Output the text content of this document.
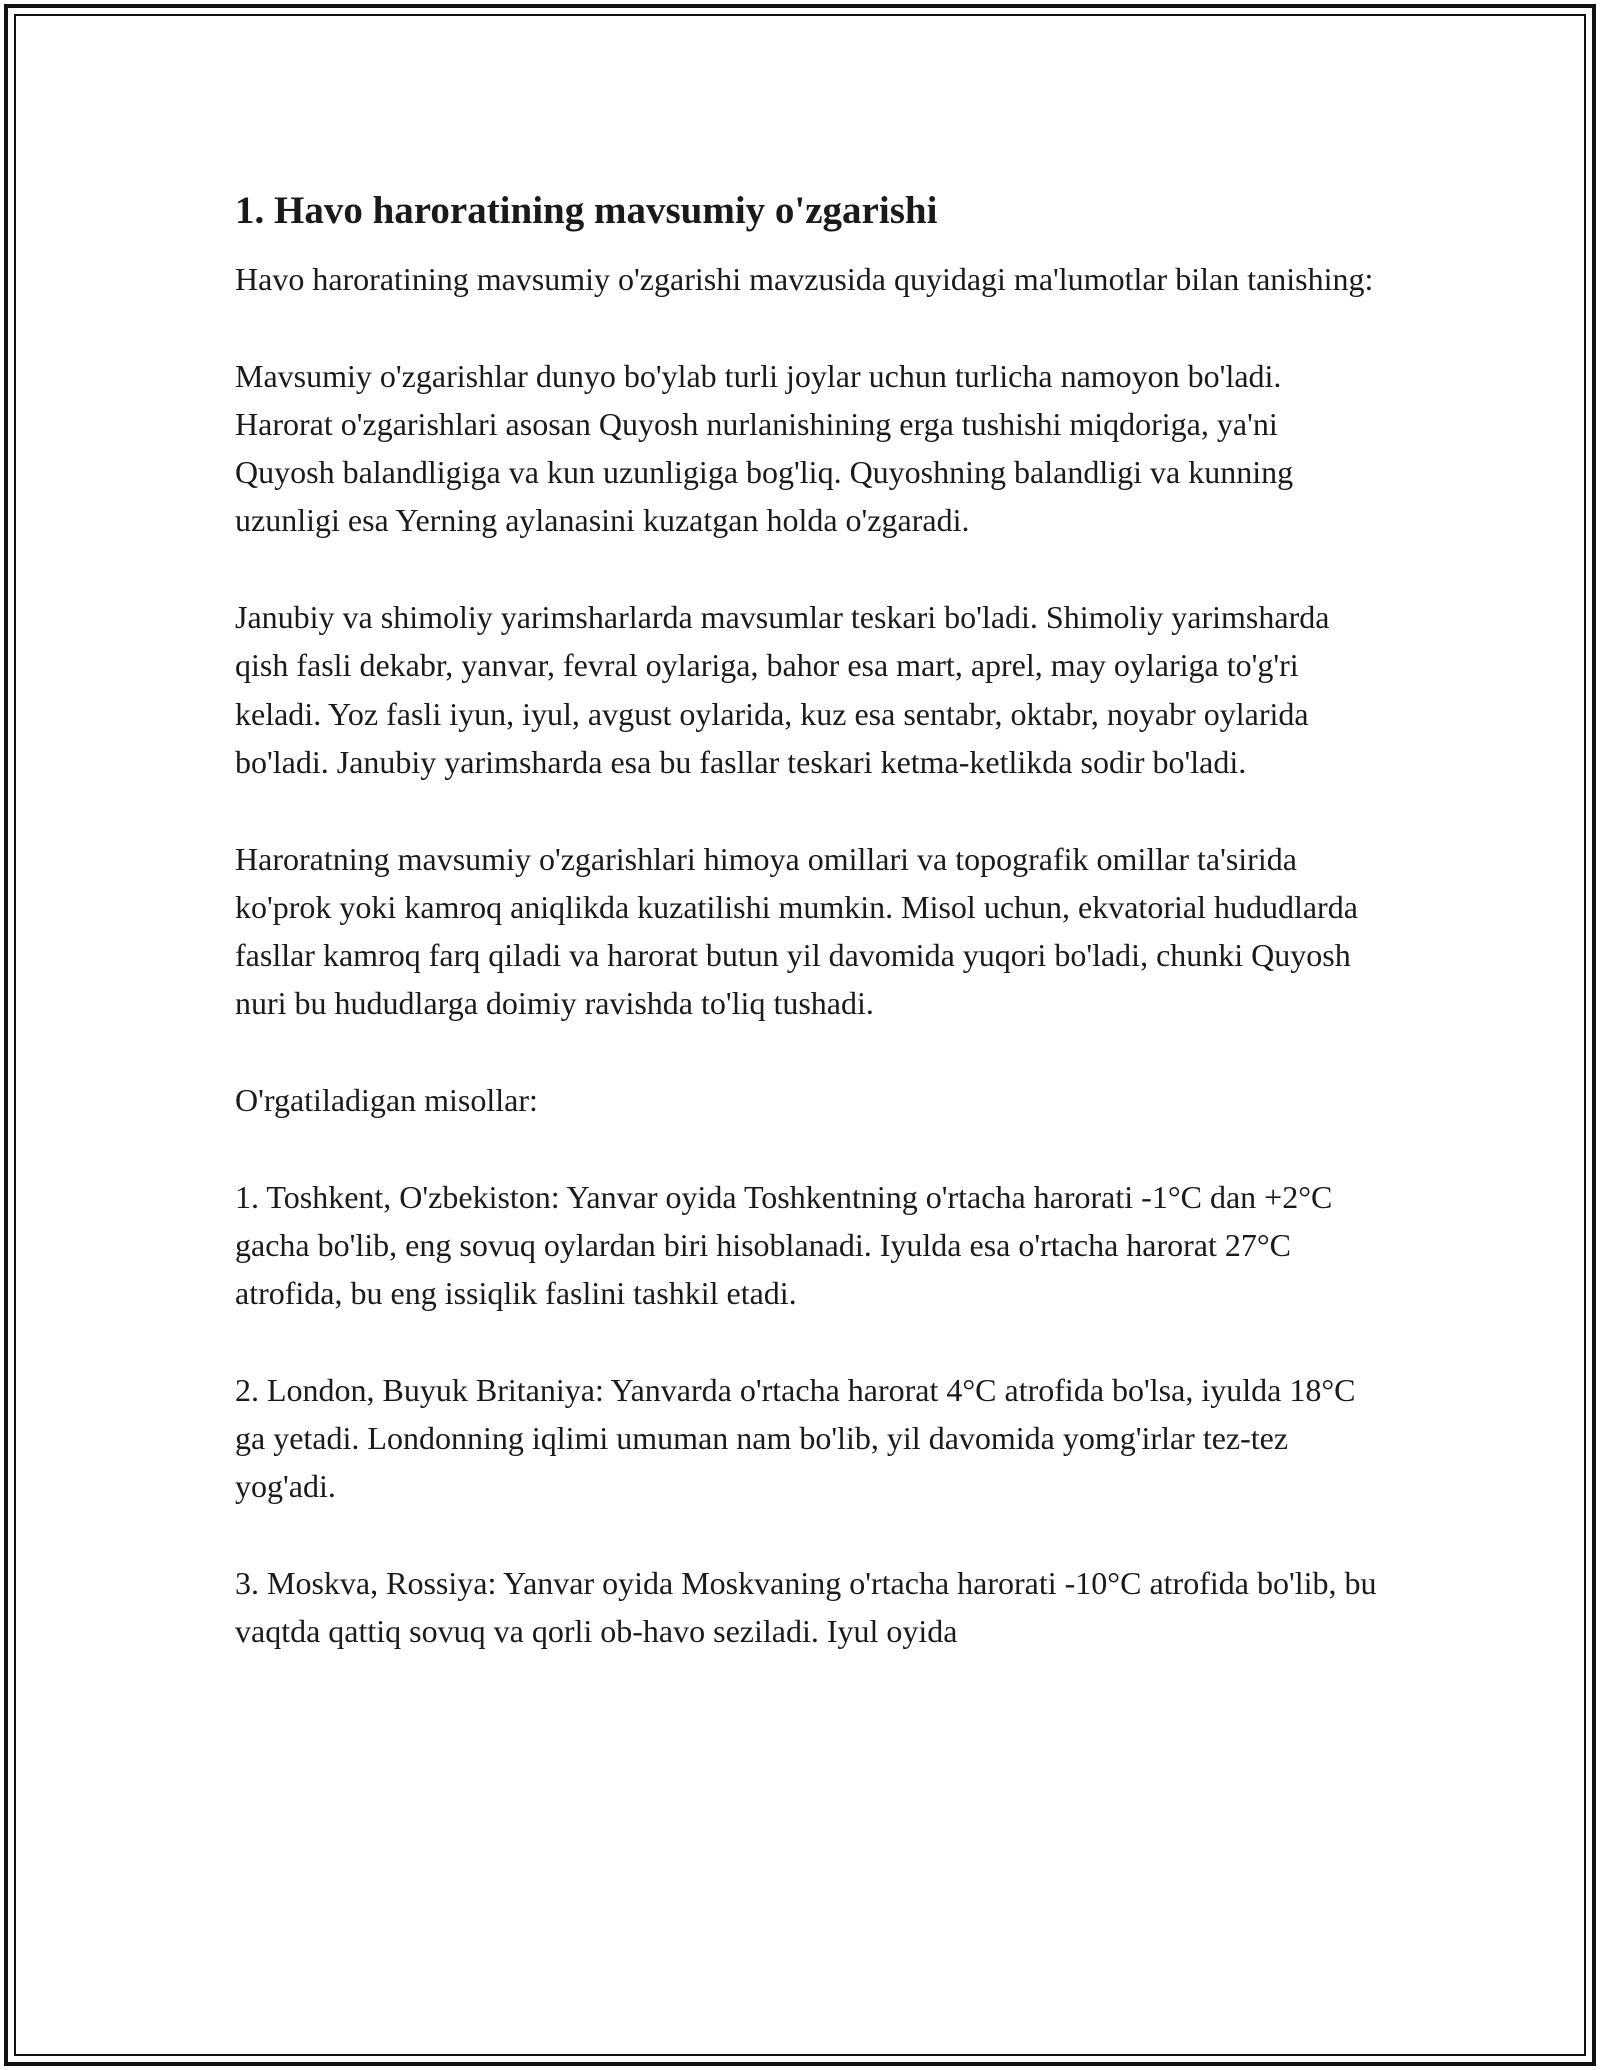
1. Havo haroratining mavsumiy o'zgarishi

Havo haroratining mavsumiy o'zgarishi mavzusida quyidagi ma'lumotlar bilan tanishing:

Mavsumiy o'zgarishlar dunyo bo'ylab turli joylar uchun turlicha namoyon bo'ladi. Harorat o'zgarishlari asosan Quyosh nurlanishining erga tushishi miqdoriga, ya'ni Quyosh balandligiga va kun uzunligiga bog'liq. Quyoshning balandligi va kunning uzunligi esa Yerning aylanasini kuzatgan holda o'zgaradi.

Janubiy va shimoliy yarimsharlarda mavsumlar teskari bo'ladi. Shimoliy yarimsharda qish fasli dekabr, yanvar, fevral oylariga, bahor esa mart, aprel, may oylariga to'g'ri keladi. Yoz fasli iyun, iyul, avgust oylarida, kuz esa sentabr, oktabr, noyabr oylarida bo'ladi. Janubiy yarimsharda esa bu fasllar teskari ketma-ketlikda sodir bo'ladi.

Haroratning mavsumiy o'zgarishlari himoya omillari va topografik omillar ta'sirida ko'prok yoki kamroq aniqlikda kuzatilishi mumkin. Misol uchun, ekvatorial hududlarda fasllar kamroq farq qiladi va harorat butun yil davomida yuqori bo'ladi, chunki Quyosh nuri bu hududlarga doimiy ravishda to'liq tushadi.

O'rgatiladigan misollar:

1. Toshkent, O'zbekiston: Yanvar oyida Toshkentning o'rtacha harorati -1°C dan +2°C gacha bo'lib, eng sovuq oylardan biri hisoblanadi. Iyulda esa o'rtacha harorat 27°C atrofida, bu eng issiqlik faslini tashkil etadi.

2. London, Buyuk Britaniya: Yanvarda o'rtacha harorat 4°C atrofida bo'lsa, iyulda 18°C ga yetadi. Londonning iqlimi umuman nam bo'lib, yil davomida yomg'irlar tez-tez yog'adi.

3. Moskva, Rossiya: Yanvar oyida Moskvaning o'rtacha harorati -10°C atrofida bo'lib, bu vaqtda qattiq sovuq va qorli ob-havo seziladi. Iyul oyida
